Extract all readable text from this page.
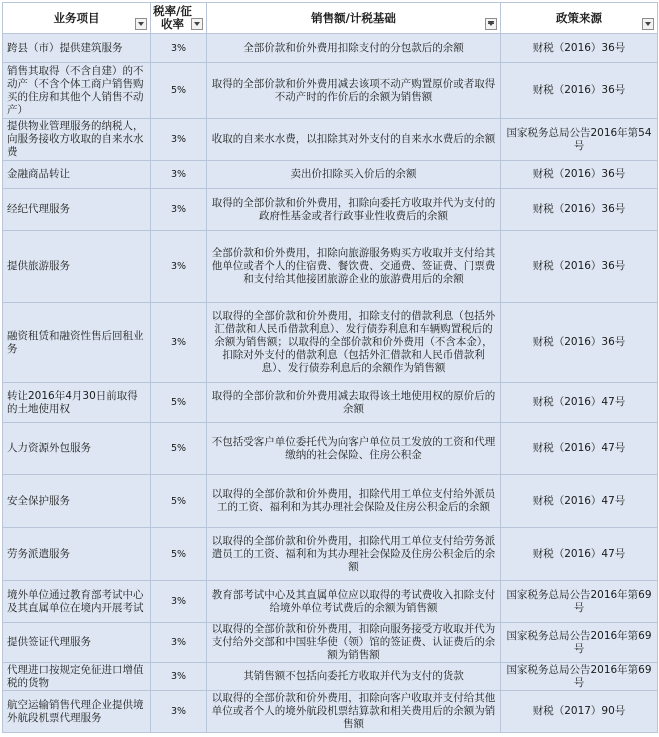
业务项目	税率/征收率	销售额/计税基础	政策来源

跨县（市）提供建筑服务	3%	全部价款和价外费用扣除支付的分包款后的余额	财税（2016）36号
销售其取得（不含自建）的不动产（不含个体工商户销售购买的住房和其他个人销售不动产）	5%	取得的全部价款和价外费用减去该项不动产购置原价或者取得不动产时的作价后的余额为销售额	财税（2016）36号
提供物业管理服务的纳税人，向服务接收方收取的自来水水费	3%	收取的自来水水费，以扣除其对外支付的自来水水费后的余额	国家税务总局公告2016年第54号
金融商品转让	3%	卖出价扣除买入价后的余额	财税（2016）36号
经纪代理服务	3%	取得的全部价款和价外费用，扣除向委托方收取并代为支付的政府性基金或者行政事业性收费后的余额	财税（2016）36号
提供旅游服务	3%	全部价款和价外费用，扣除向旅游服务购买方收取并支付给其他单位或者个人的住宿费、餐饮费、交通费、签证费、门票费和支付给其他接团旅游企业的旅游费用后的余额	财税（2016）36号
融资租赁和融资性售后回租业务	3%	以取得的全部价款和价外费用，扣除支付的借款利息（包括外汇借款和人民币借款利息）、发行债券利息和车辆购置税后的余额为销售额；以取得的全部价款和价外费用（不含本金），扣除对外支付的借款利息（包括外汇借款和人民币借款利息）、发行债券利息后的余额作为销售额	财税（2016）36号
转让2016年4月30日前取得的土地使用权	5%	取得的全部价款和价外费用减去取得该土地使用权的原价后的余额	财税（2016）47号
人力资源外包服务	5%	不包括受客户单位委托代为向客户单位员工发放的工资和代理缴纳的社会保险、住房公积金	财税（2016）47号
安全保护服务	5%	以取得的全部价款和价外费用，扣除代用工单位支付给外派员工的工资、福利和为其办理社会保险及住房公积金后的余额	财税（2016）47号
劳务派遣服务	5%	以取得的全部价款和价外费用，扣除代用工单位支付给劳务派遣员工的工资、福利和为其办理社会保险及住房公积金后的余额	财税（2016）47号
境外单位通过教育部考试中心及其直属单位在境内开展考试	3%	教育部考试中心及其直属单位应以取得的考试费收入扣除支付给境外单位考试费后的余额为销售额	国家税务总局公告2016年第69号
提供签证代理服务	3%	以取得的全部价款和价外费用，扣除向服务接受方收取并代为支付给外交部和中国驻华使（领）馆的签证费、认证费后的余额为销售额	国家税务总局公告2016年第69号
代理进口按规定免征进口增值税的货物	3%	其销售额不包括向委托方收取并代为支付的货款	国家税务总局公告2016年第69号
航空运输销售代理企业提供境外航段机票代理服务	3%	以取得的全部价款和价外费用，扣除向客户收取并支付给其他单位或者个人的境外航段机票结算款和相关费用后的余额为销售额	财税（2017）90号
